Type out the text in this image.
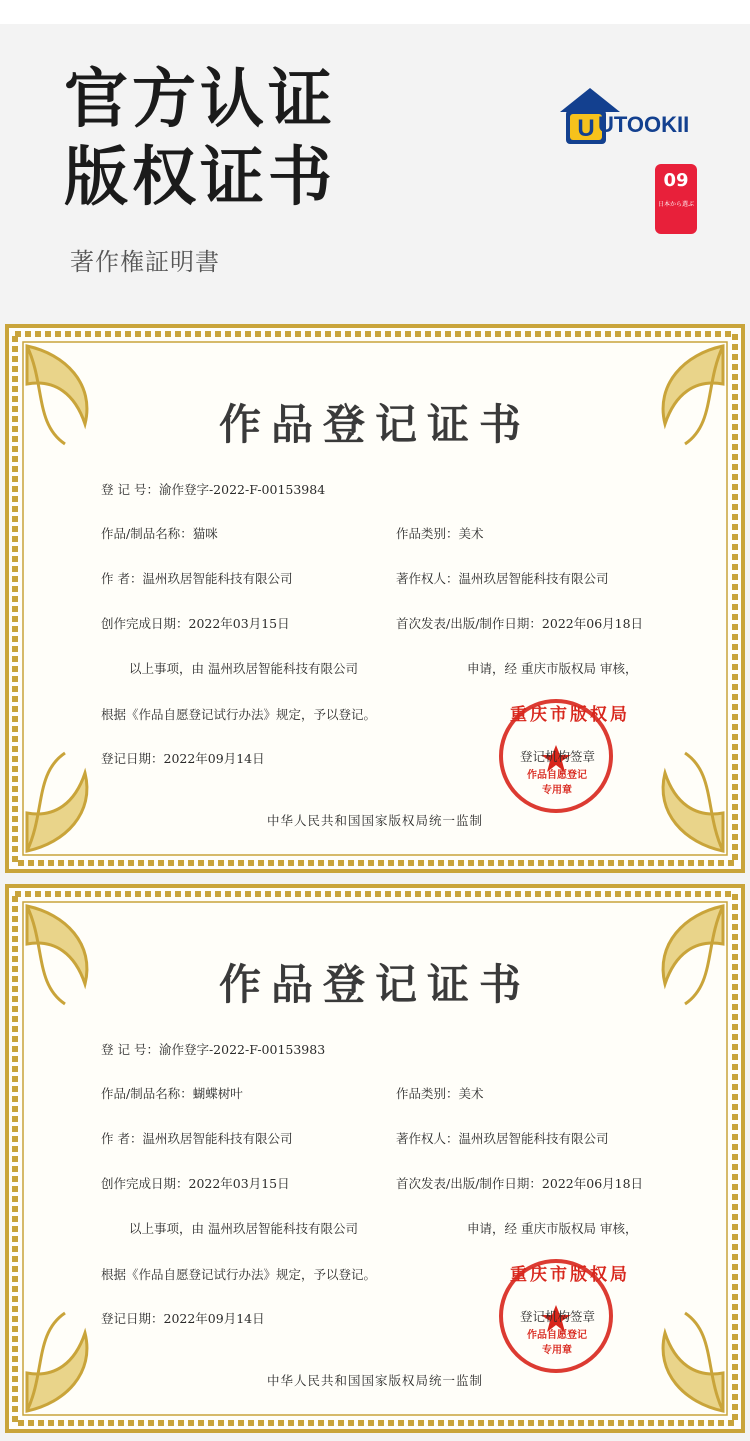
官方认证
版权证书
著作権証明書
U UTOOKII
09
日本から選ぶ
作品登记证书
登 记 号：渝作登字-2022-F-00153984
作品/制品名称：猫咪	作品类别：美术
作 者：温州玖居智能科技有限公司	著作权人：温州玖居智能科技有限公司
创作完成日期：2022年03月15日	首次发表/出版/制作日期：2022年06月18日
以上事项，由 温州玖居智能科技有限公司	申请，经 重庆市版权局 审核，
根据《作品自愿登记试行办法》规定，予以登记。
登记日期：2022年09月14日
重庆市版权局
登记机构签章
作品自愿登记
专用章
中华人民共和国国家版权局统一监制
作品登记证书
登 记 号：渝作登字-2022-F-00153983
作品/制品名称：蝴蝶树叶	作品类别：美术
作 者：温州玖居智能科技有限公司	著作权人：温州玖居智能科技有限公司
创作完成日期：2022年03月15日	首次发表/出版/制作日期：2022年06月18日
以上事项，由 温州玖居智能科技有限公司	申请，经 重庆市版权局 审核，
根据《作品自愿登记试行办法》规定，予以登记。
登记日期：2022年09月14日
重庆市版权局
登记机构签章
作品自愿登记
专用章
中华人民共和国国家版权局统一监制
